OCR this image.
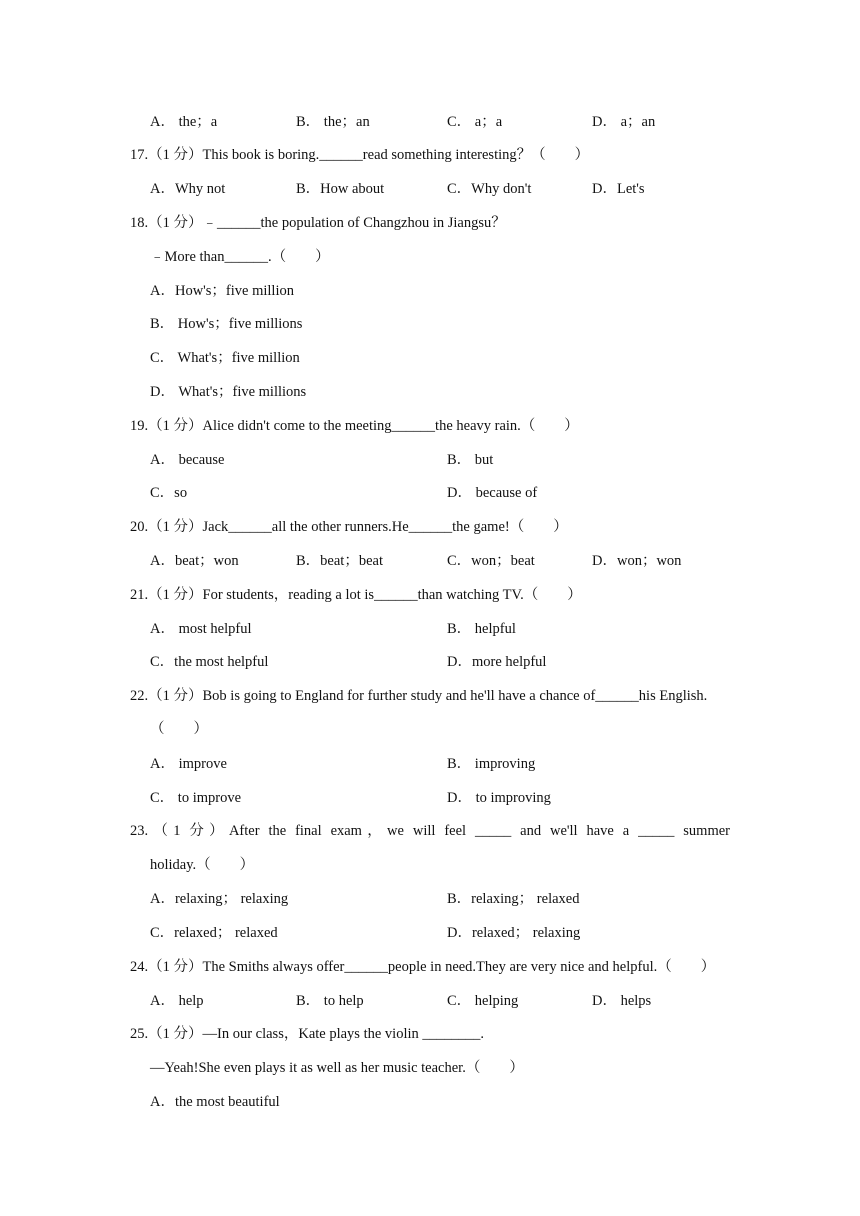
A． the；a	B． the；an	C． a；a	D． a；an
17.（1 分）This book is boring.______read something interesting？（　　）
A．Why not	B．How about	C．Why don't	D．Let's
18.（1 分）﹣______the population of Changzhou in Jiangsu？
﹣More than______.（　　）
A．How's；five million
B． How's；five millions
C． What's；five million
D． What's；five millions
19.（1 分）Alice didn't come to the meeting______the heavy rain.（　　）
A． because	B． but
C．so	D． because of
20.（1 分）Jack______all the other runners.He______the game!（　　）
A．beat；won	B．beat；beat	C．won；beat	D．won；won
21.（1 分）For students，reading a lot is______than watching TV.（　　）
A． most helpful	B． helpful
C．the most helpful	D．more helpful
22.（1 分）Bob is going to England for further study and he'll have a chance of______his English.
（　　）
A． improve	B． improving
C． to improve	D． to improving
23.（1 分）After the final exam，we will feel _____ and we'll have a _____ summer
holiday.（　　）
A．relaxing； relaxing	B．relaxing； relaxed
C．relaxed； relaxed	D．relaxed； relaxing
24.（1 分）The Smiths always offer______people in need.They are very nice and helpful.（　　）
A． help	B． to help	C． helping	D． helps
25.（1 分）—In our class，Kate plays the violin ________.
—Yeah!She even plays it as well as her music teacher.（　　）
A．the most beautiful
